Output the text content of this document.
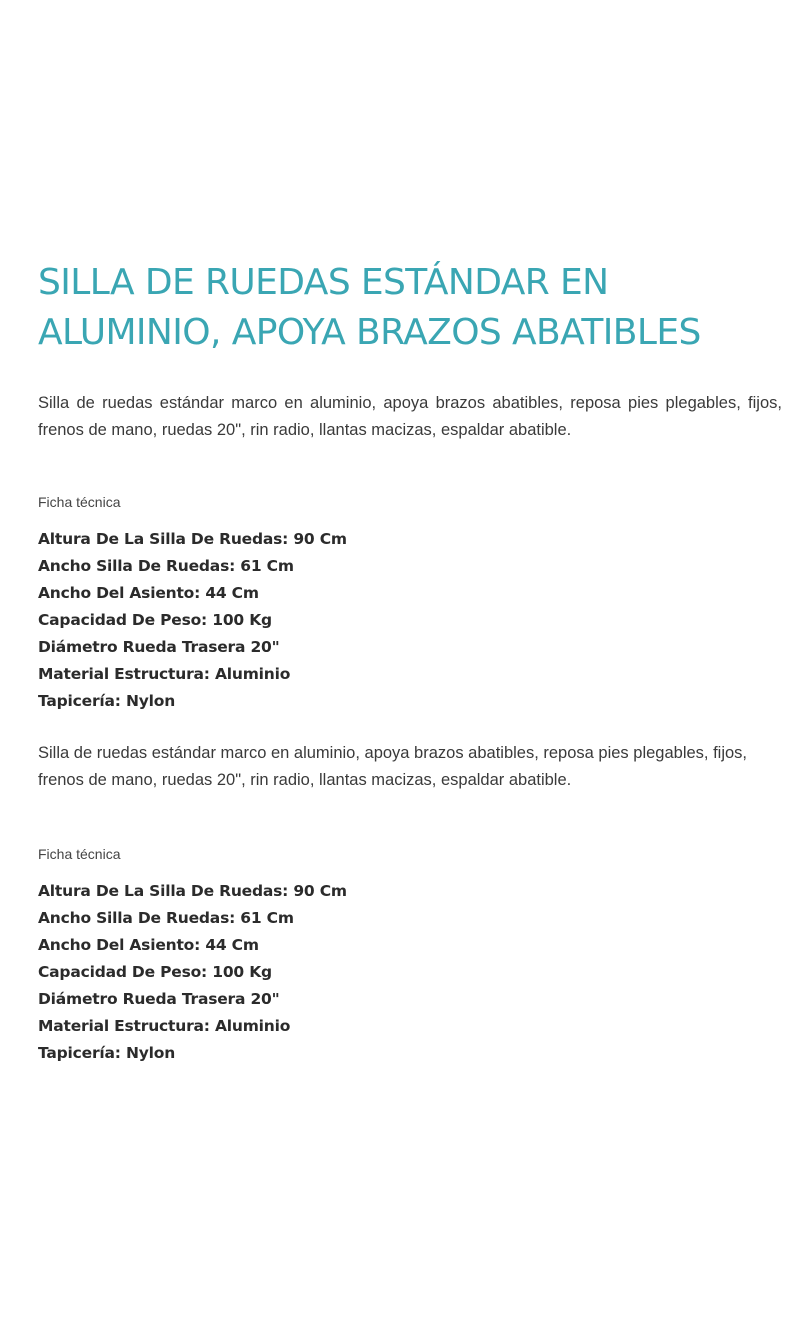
SILLA DE RUEDAS ESTÁNDAR EN ALUMINIO, APOYA BRAZOS ABATIBLES

Silla de ruedas estándar marco en aluminio, apoya brazos abatibles, reposa pies plegables, fijos, frenos de mano, ruedas 20", rin radio, llantas macizas, espaldar abatible.

Ficha técnica

Altura De La Silla De Ruedas: 90 Cm
Ancho Silla De Ruedas: 61 Cm
Ancho Del Asiento: 44 Cm
Capacidad De Peso: 100 Kg
Diámetro Rueda Trasera 20"
Material Estructura: Aluminio
Tapicería: Nylon

Silla de ruedas estándar marco en aluminio, apoya brazos abatibles, reposa pies plegables, fijos, frenos de mano, ruedas 20", rin radio, llantas macizas, espaldar abatible.

Ficha técnica

Altura De La Silla De Ruedas: 90 Cm
Ancho Silla De Ruedas: 61 Cm
Ancho Del Asiento: 44 Cm
Capacidad De Peso: 100 Kg
Diámetro Rueda Trasera 20"
Material Estructura: Aluminio
Tapicería: Nylon
